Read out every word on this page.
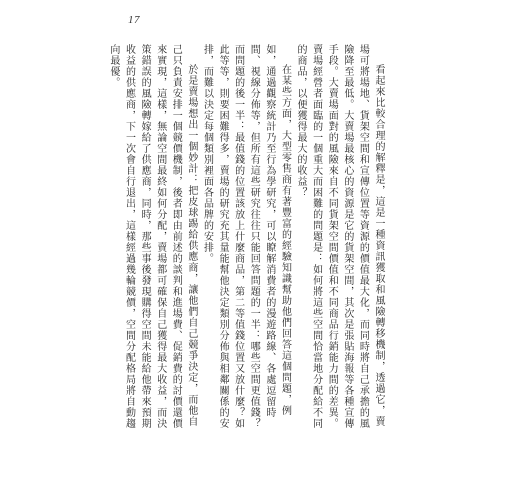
17

看起來比較合理的解釋是，這是一種資訊獲取和風險轉移機制，透過它，賣場可將場地、貨架空間和宣傳位置等資源的價值最大化，而同時將自己承擔的風險降至最低。大賣場最核心的資源是它的貨架空間，其次是張貼海報等各種宣傳手段。大賣場面對的風險來自不同貨架空間價值和不同商品行銷能力間的差異。賣場經營者面臨的一個重大而困難的問題是：如何將這些空間恰當地分配給不同的商品，以便獲得最大的收益？

在某些方面，大型零售商有著豐富的經驗知識幫助他們回答這個問題，例如，通過觀察統計乃至行為學研究，可以瞭解消費者的漫遊路線、各處逗留時間、視線分佈等，但所有這些研究往往只能回答問題的一半：哪些空間更值錢？而問題的後一半：最值錢的位置該放上什麼商品，第二等值錢位置又放什麼？如此等等，則要困難得多，賣場的研究充其量能幫他決定類別分佈與相鄰關係的安排，而難以決定每個類別裡面各品牌的安排。

於是賣場想出一個妙計：把皮球踢給供應商，讓他們自己競爭決定，而他自己只負責安排一個競價機制，後者即由前述的談判和進場費、促銷費的討價還價來實現，這樣，無論空間最終如何分配，賣場都可確保自己獲得最大收益，而決策錯誤的風險轉嫁給了供應商，同時，那些事後發現購得空間未能給他帶來預期收益的供應商，下一次會自行退出，這樣經過幾輪競價，空間分配格局將自動趨向最優。
